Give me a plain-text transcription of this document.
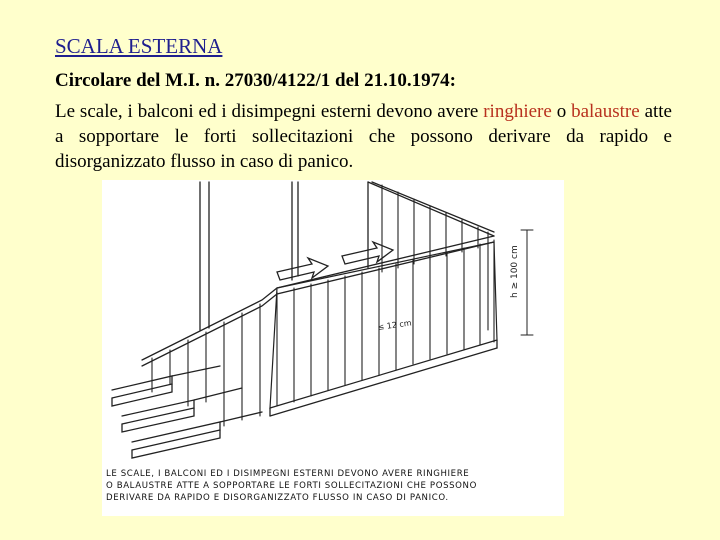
SCALA ESTERNA
Circolare del M.I. n. 27030/4122/1 del 21.10.1974:
Le scale, i balconi ed i disimpegni esterni devono avere ringhiere o balaustre atte a sopportare le forti sollecitazioni che possono derivare da rapido e disorganizzato flusso in caso di panico.
h ≥ 100 cm
≤ 12 cm
LE SCALE, I BALCONI ED I DISIMPEGNI ESTERNI DEVONO AVERE RINGHIERE
O BALAUSTRE ATTE A SOPPORTARE LE FORTI SOLLECITAZIONI CHE POSSONO
DERIVARE DA RAPIDO E DISORGANIZZATO FLUSSO IN CASO DI PANICO.
